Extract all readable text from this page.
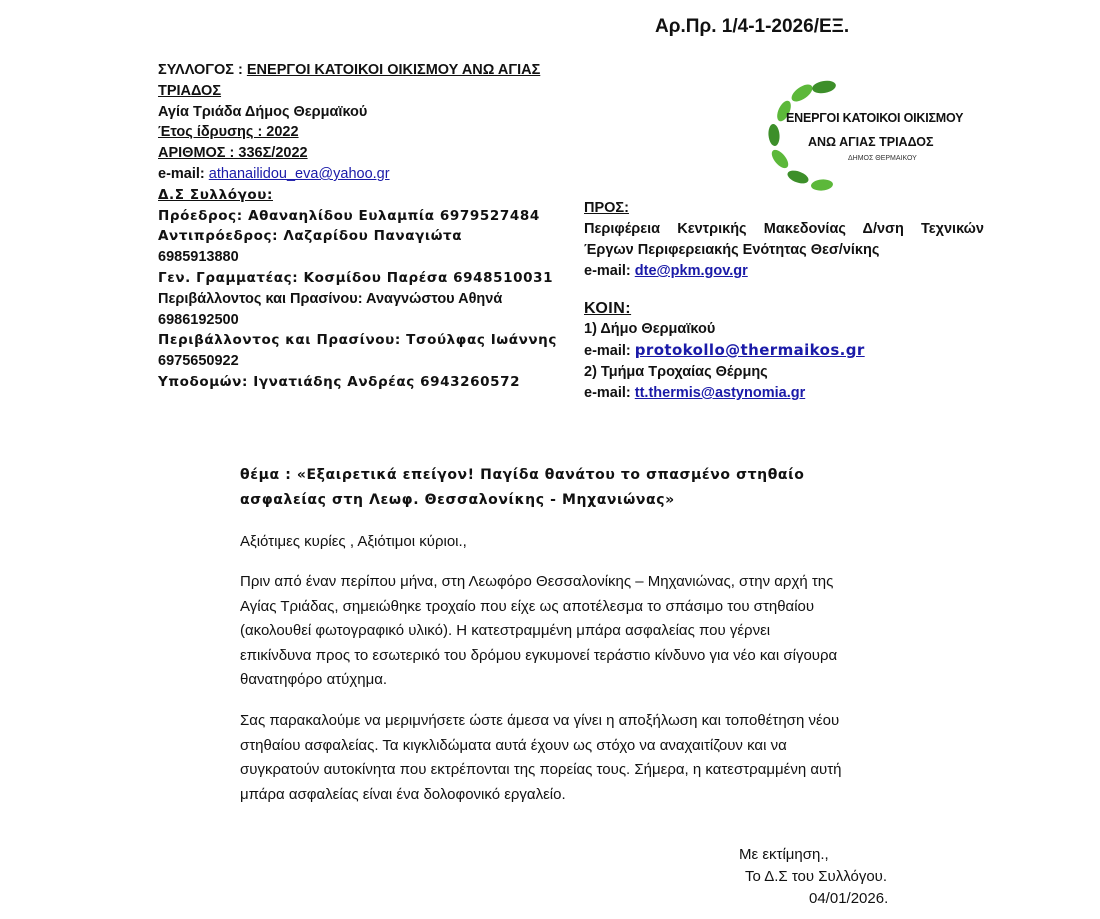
Αρ.Πρ. 1/4-1-2026/ΕΞ.
ΣΥΛΛΟΓΟΣ : ΕΝΕΡΓΟΙ ΚΑΤΟΙΚΟΙ ΟΙΚΙΣΜΟΥ ΑΝΩ ΑΓΙΑΣ
ΤΡΙΑΔΟΣ
Αγία Τριάδα Δήμος Θερμαϊκού
Έτος ίδρυσης : 2022
ΑΡΙΘΜΟΣ : 336Σ/2022
e-mail: athanailidou_eva@yahoo.gr
Δ.Σ Συλλόγου:
Πρόεδρος: Αθαναηλίδου Ευλαμπία 6979527484
Αντιπρόεδρος: Λαζαρίδου Παναγιώτα
6985913880
Γεν. Γραμματέας: Κοσμίδου Παρέσα 6948510031
Περιβάλλοντος και Πρασίνου: Αναγνώστου Αθηνά
6986192500
Περιβάλλοντος και Πρασίνου: Τσούλφας Ιωάννης
6975650922
Υποδομών: Ιγνατιάδης Ανδρέας 6943260572
ΕΝΕΡΓΟΙ ΚΑΤΟΙΚΟΙ ΟΙΚΙΣΜΟΥ
ΑΝΩ ΑΓΙΑΣ ΤΡΙΑΔΟΣ
ΔΗΜΟΣ ΘΕΡΜΑΙΚΟΥ
ΠΡΟΣ:
Περιφέρεια Κεντρικής Μακεδονίας Δ/νση Τεχνικών
Έργων Περιφερειακής Ενότητας Θεσ/νίκης
e-mail: dte@pkm.gov.gr
ΚΟΙΝ:
1) Δήμο Θερμαϊκού
e-mail: protokollo@thermaikos.gr
2) Τμήμα Τροχαίας Θέρμης
e-mail: tt.thermis@astynomia.gr
θέμα : «Εξαιρετικά επείγον! Παγίδα θανάτου το σπασμένο στηθαίο
ασφαλείας στη Λεωφ. Θεσσαλονίκης - Μηχανιώνας»
Αξιότιμες κυρίες , Αξιότιμοι κύριοι.,
Πριν από έναν περίπου μήνα, στη Λεωφόρο Θεσσαλονίκης – Μηχανιώνας, στην αρχή της
Αγίας Τριάδας, σημειώθηκε τροχαίο που είχε ως αποτέλεσμα το σπάσιμο του στηθαίου
(ακολουθεί φωτογραφικό υλικό). Η κατεστραμμένη μπάρα ασφαλείας που γέρνει
επικίνδυνα προς το εσωτερικό του δρόμου εγκυμονεί τεράστιο κίνδυνο για νέο και σίγουρα
θανατηφόρο ατύχημα.
Σας παρακαλούμε να μεριμνήσετε ώστε άμεσα να γίνει η αποξήλωση και τοποθέτηση νέου
στηθαίου ασφαλείας. Τα κιγκλιδώματα αυτά έχουν ως στόχο να αναχαιτίζουν και να
συγκρατούν αυτοκίνητα που εκτρέπονται της πορείας τους. Σήμερα, η κατεστραμμένη αυτή
μπάρα ασφαλείας είναι ένα δολοφονικό εργαλείο.
Με εκτίμηση.,
Το Δ.Σ του Συλλόγου.
04/01/2026.
